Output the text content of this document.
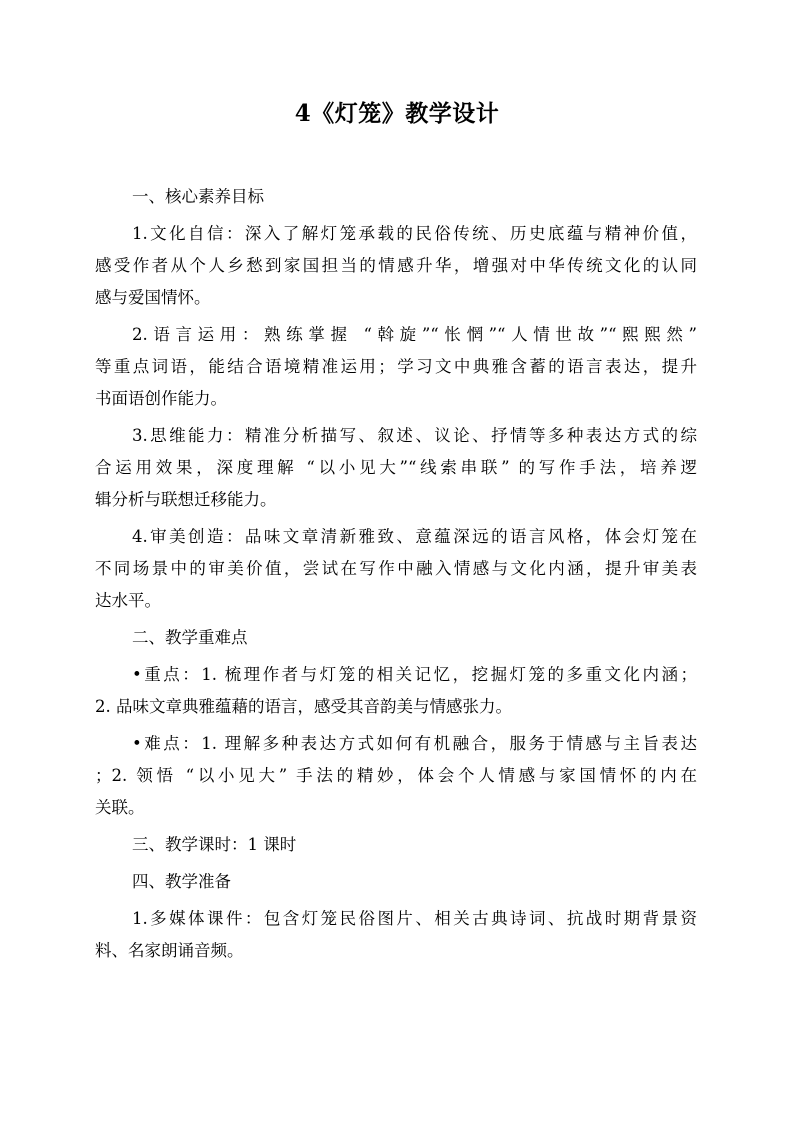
4《灯笼》教学设计
一、核心素养目标
1.文化自信：深入了解灯笼承载的民俗传统、历史底蕴与精神价值，
感受作者从个人乡愁到家国担当的情感升华，增强对中华传统文化的认同
感与爱国情怀。
2.语言运用：熟练掌握 “斡旋”“怅惘”“人情世故”“熙熙然”
等重点词语，能结合语境精准运用；学习文中典雅含蓄的语言表达，提升
书面语创作能力。
3.思维能力：精准分析描写、叙述、议论、抒情等多种表达方式的综
合运用效果，深度理解 “以小见大”“线索串联” 的写作手法，培养逻
辑分析与联想迁移能力。
4.审美创造：品味文章清新雅致、意蕴深远的语言风格，体会灯笼在
不同场景中的审美价值，尝试在写作中融入情感与文化内涵，提升审美表
达水平。
二、教学重难点
•重点：1. 梳理作者与灯笼的相关记忆，挖掘灯笼的多重文化内涵；
2. 品味文章典雅蕴藉的语言，感受其音韵美与情感张力。
•难点：1. 理解多种表达方式如何有机融合，服务于情感与主旨表达
；2. 领悟 “以小见大” 手法的精妙，体会个人情感与家国情怀的内在
关联。
三、教学课时：1 课时
四、教学准备
1.多媒体课件：包含灯笼民俗图片、相关古典诗词、抗战时期背景资
料、名家朗诵音频。
